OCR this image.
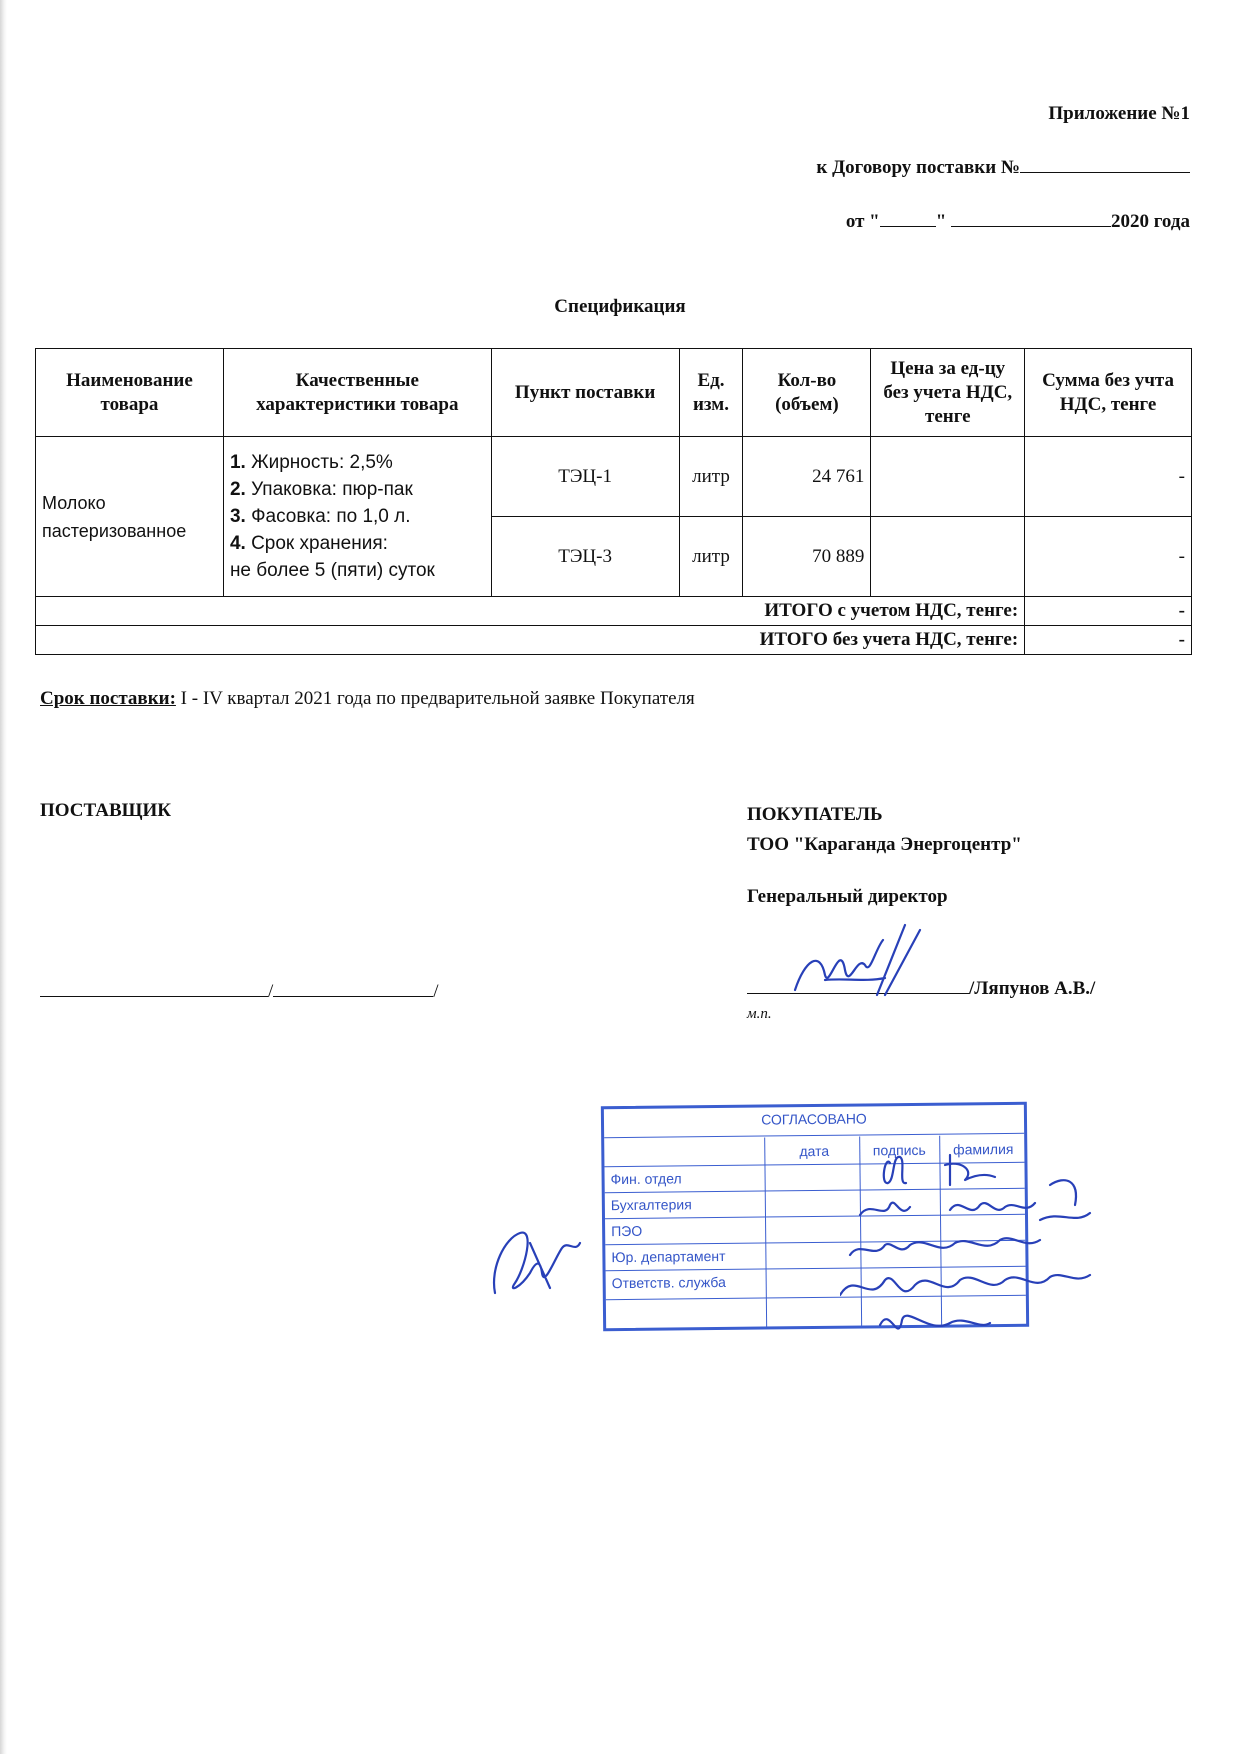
Приложение №1
к Договору поставки №
от "	"	2020 года
Спецификация
Наименование товара	Качественные характеристики товара	Пункт поставки	Ед. изм.	Кол-во (объем)	Цена за ед-цу без учета НДС, тенге	Сумма без учта НДС, тенге
Молоко пастеризованное	1. Жирность: 2,5%
2. Упаковка: пюр-пак
3. Фасовка: по 1,0 л.
4. Срок хранения:
не более 5 (пяти) суток	ТЭЦ-1	литр	24 761		-
		ТЭЦ-3	литр	70 889		-
ИТОГО с учетом НДС, тенге:						-
ИТОГО без учета НДС, тенге:						-
Срок поставки: I - IV квартал 2021 года по предварительной заявке Покупателя
ПОСТАВЩИК	ПОКУПАТЕЛЬ
ТОО "Караганда Энергоцентр"
Генеральный директор
/	/	/Ляпунов А.В./
м.п.
СОГЛАСОВАНО
дата	подпись	фамилия
Фин. отдел
Бухгалтерия
ПЭО
Юр. департамент
Ответств. служба
